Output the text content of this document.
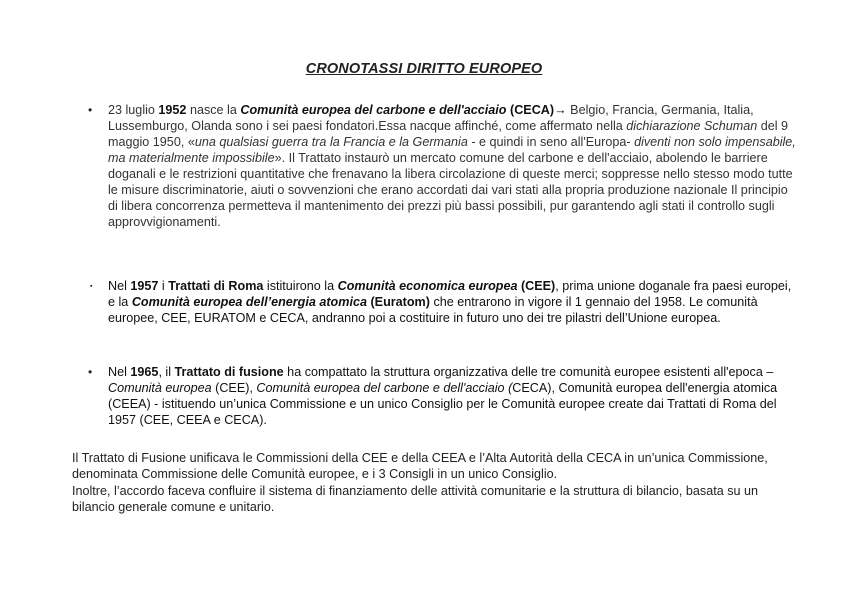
CRONOTASSI DIRITTO EUROPEO
• 23 luglio 1952 nasce la Comunità europea del carbone e dell'acciaio (CECA)→ Belgio, Francia, Germania, Italia, Lussemburgo, Olanda sono i sei paesi fondatori.Essa nacque affinché, come affermato nella dichiarazione Schuman del 9 maggio 1950, «una qualsiasi guerra tra la Francia e la Germania - e quindi in seno all'Europa- diventi non solo impensabile, ma materialmente impossibile». Il Trattato instaurò un mercato comune del carbone e dell'acciaio, abolendo le barriere doganali e le restrizioni quantitative che frenavano la libera circolazione di queste merci; soppresse nello stesso modo tutte le misure discriminatorie, aiuti o sovvenzioni che erano accordati dai vari stati alla propria produzione nazionale Il principio di libera concorrenza permetteva il mantenimento dei prezzi più bassi possibili, pur garantendo agli stati il controllo sugli approvvigionamenti.
▪ Nel 1957 i Trattati di Roma istituirono la Comunità economica europea (CEE), prima unione doganale fra paesi europei, e la Comunità europea dell’energia atomica (Euratom) che entrarono in vigore il 1 gennaio del 1958. Le comunità europee, CEE, EURATOM e CECA, andranno poi a costituire in futuro uno dei tre pilastri dell’Unione europea.
• Nel 1965, il Trattato di fusione ha compattato la struttura organizzativa delle tre comunità europee esistenti all'epoca – Comunità europea (CEE), Comunità europea del carbone e dell'acciaio (CECA), Comunità europea dell'energia atomica (CEEA) - istituendo un’unica Commissione e un unico Consiglio per le Comunità europee create dai Trattati di Roma del 1957 (CEE, CEEA e CECA).

Il Trattato di Fusione unificava le Commissioni della CEE e della CEEA e l’Alta Autorità della CECA in un’unica Commissione, denominata Commissione delle Comunità europee, e i 3 Consigli in un unico Consiglio.

Inoltre, l’accordo faceva confluire il sistema di finanziamento delle attività comunitarie e la struttura di bilancio, basata su un bilancio generale comune e unitario.
